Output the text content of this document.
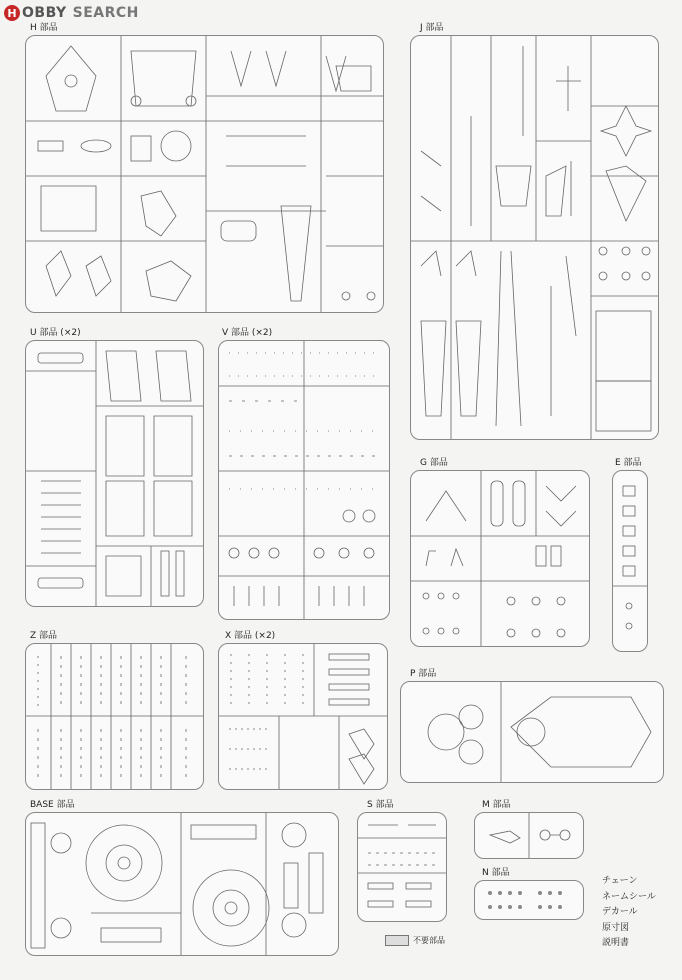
H OBBY SEARCH
H 部品	J 部品
U 部品 (×2)	V 部品 (×2)
G 部品	E 部品
Z 部品	X 部品 (×2)
P 部品
BASE 部品	S 部品	M 部品
N 部品
チェーン
ネームシール
デカール
原寸図
説明書
不要部品
